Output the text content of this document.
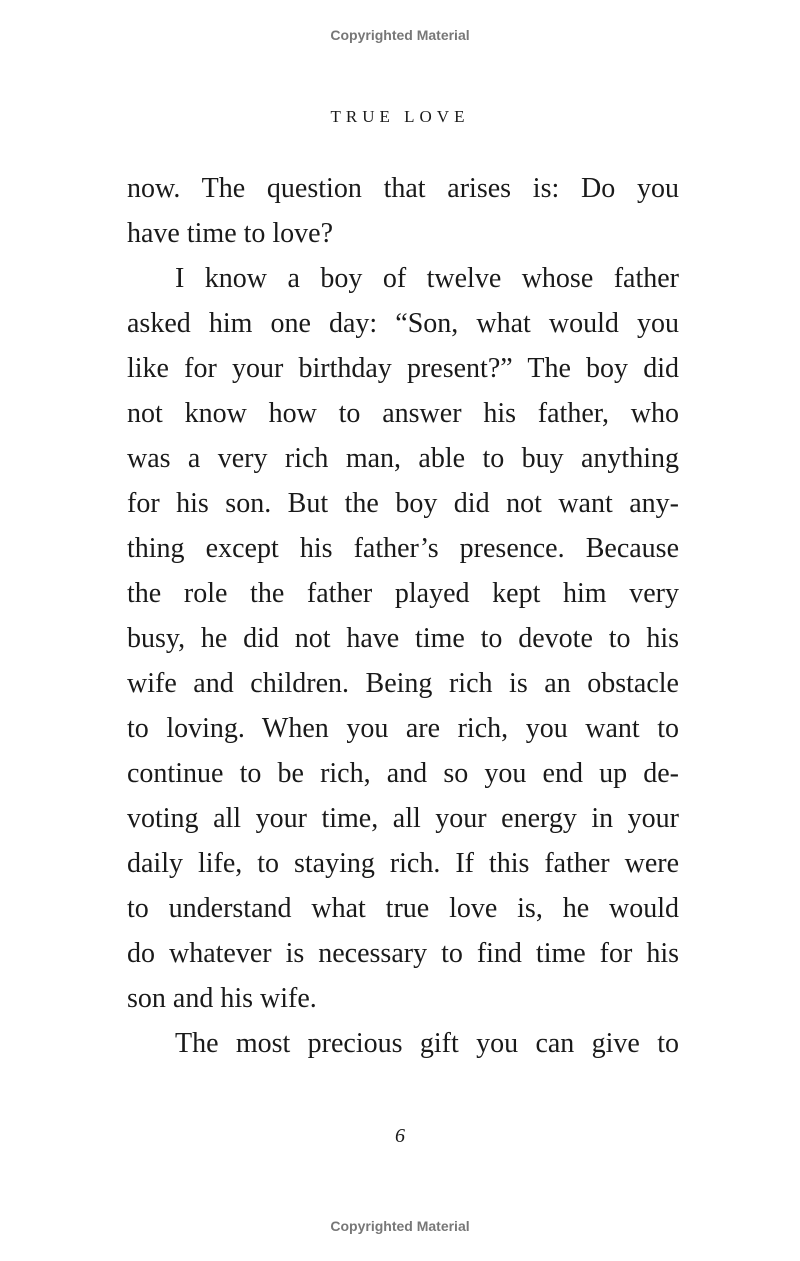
Copyrighted Material
TRUE LOVE
now. The question that arises is: Do you
have time to love?
I know a boy of twelve whose father
asked him one day: “Son, what would you
like for your birthday present?” The boy did
not know how to answer his father, who
was a very rich man, able to buy anything
for his son. But the boy did not want any-
thing except his father’s presence. Because
the role the father played kept him very
busy, he did not have time to devote to his
wife and children. Being rich is an obstacle
to loving. When you are rich, you want to
continue to be rich, and so you end up de-
voting all your time, all your energy in your
daily life, to staying rich. If this father were
to understand what true love is, he would
do whatever is necessary to find time for his
son and his wife.
The most precious gift you can give to
6
Copyrighted Material
